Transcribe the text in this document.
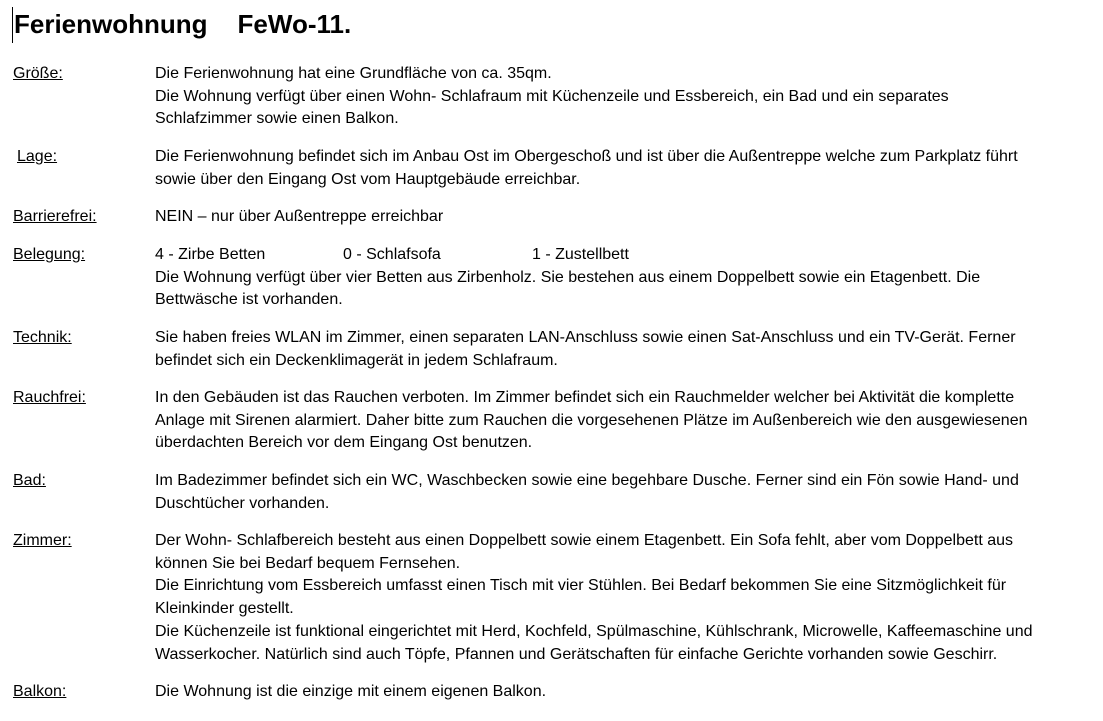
Ferienwohnung FeWo-11.
Größe:	Die Ferienwohnung hat eine Grundfläche von ca. 35qm.
Die Wohnung verfügt über einen Wohn- Schlafraum mit Küchenzeile und Essbereich, ein Bad und ein separates
Schlafzimmer sowie einen Balkon.
Lage:	Die Ferienwohnung befindet sich im Anbau Ost im Obergeschoß und ist über die Außentreppe welche zum Parkplatz führt
sowie über den Eingang Ost vom Hauptgebäude erreichbar.
Barrierefrei:	NEIN – nur über Außentreppe erreichbar
Belegung:	4 - Zirbe Betten	0 - Schlafsofa	1 - Zustellbett
Die Wohnung verfügt über vier Betten aus Zirbenholz. Sie bestehen aus einem Doppelbett sowie ein Etagenbett. Die
Bettwäsche ist vorhanden.
Technik:	Sie haben freies WLAN im Zimmer, einen separaten LAN-Anschluss sowie einen Sat-Anschluss und ein TV-Gerät. Ferner
befindet sich ein Deckenklimagerät in jedem Schlafraum.
Rauchfrei:	In den Gebäuden ist das Rauchen verboten. Im Zimmer befindet sich ein Rauchmelder welcher bei Aktivität die komplette
Anlage mit Sirenen alarmiert. Daher bitte zum Rauchen die vorgesehenen Plätze im Außenbereich wie den ausgewiesenen
überdachten Bereich vor dem Eingang Ost benutzen.
Bad:	Im Badezimmer befindet sich ein WC, Waschbecken sowie eine begehbare Dusche. Ferner sind ein Fön sowie Hand- und
Duschtücher vorhanden.
Zimmer:	Der Wohn- Schlafbereich besteht aus einen Doppelbett sowie einem Etagenbett. Ein Sofa fehlt, aber vom Doppelbett aus
können Sie bei Bedarf bequem Fernsehen.
Die Einrichtung vom Essbereich umfasst einen Tisch mit vier Stühlen. Bei Bedarf bekommen Sie eine Sitzmöglichkeit für
Kleinkinder gestellt.
Die Küchenzeile ist funktional eingerichtet mit Herd, Kochfeld, Spülmaschine, Kühlschrank, Microwelle, Kaffeemaschine und
Wasserkocher. Natürlich sind auch Töpfe, Pfannen und Gerätschaften für einfache Gerichte vorhanden sowie Geschirr.
Balkon:	Die Wohnung ist die einzige mit einem eigenen Balkon.
